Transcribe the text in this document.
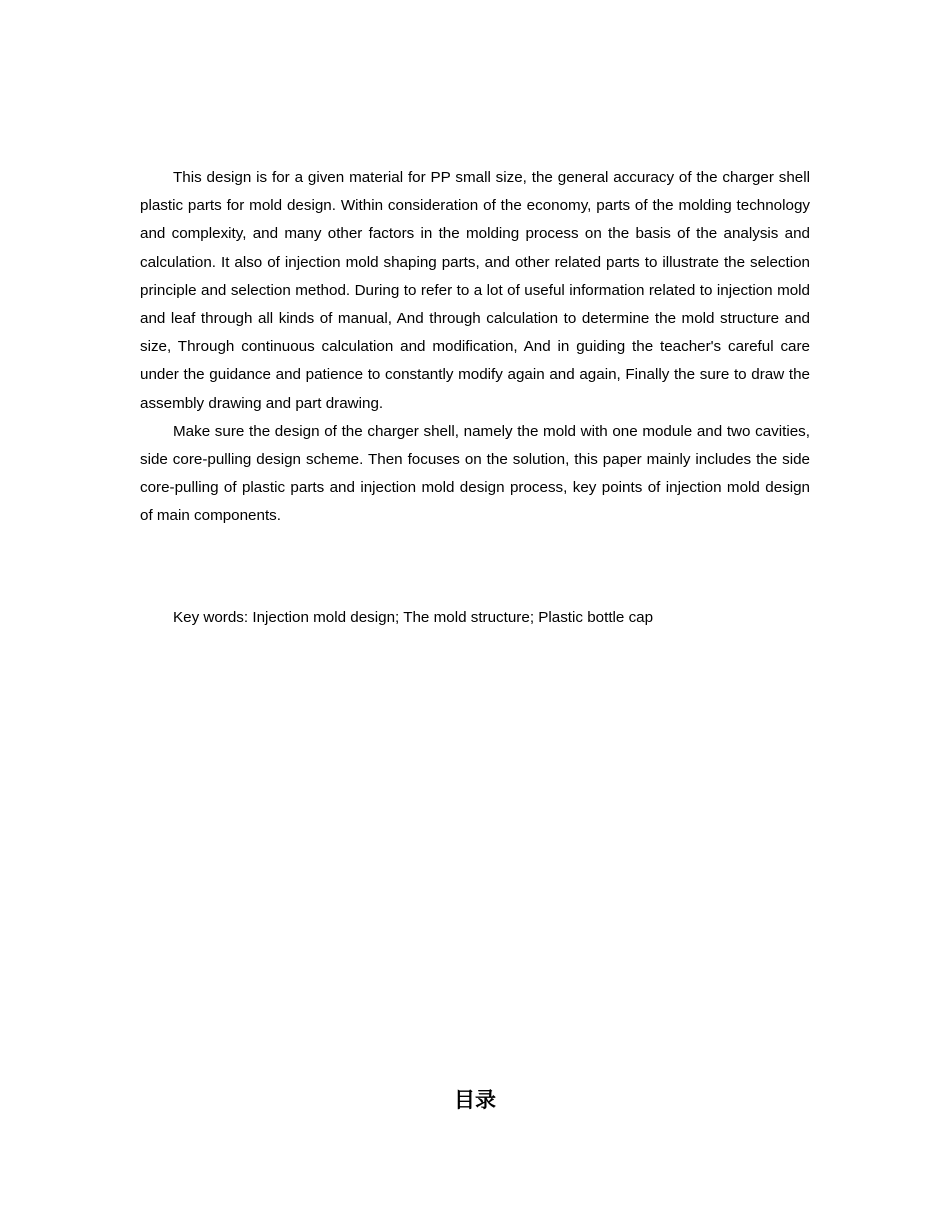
This design is for a given material for PP small size, the general accuracy of the charger shell plastic parts for mold design. Within consideration of the economy, parts of the molding technology and complexity, and many other factors in the molding process on the basis of the analysis and calculation. It also of injection mold shaping parts, and other related parts to illustrate the selection principle and selection method. During to refer to a lot of useful information related to injection mold and leaf through all kinds of manual, And through calculation to determine the mold structure and size, Through continuous calculation and modification, And in guiding the teacher's careful care under the guidance and patience to constantly modify again and again, Finally the sure to draw the assembly drawing and part drawing.

Make sure the design of the charger shell, namely the mold with one module and two cavities, side core-pulling design scheme. Then focuses on the solution, this paper mainly includes the side core-pulling of plastic parts and injection mold design process, key points of injection mold design of main components.

Key words: Injection mold design; The mold structure; Plastic bottle cap

目录
